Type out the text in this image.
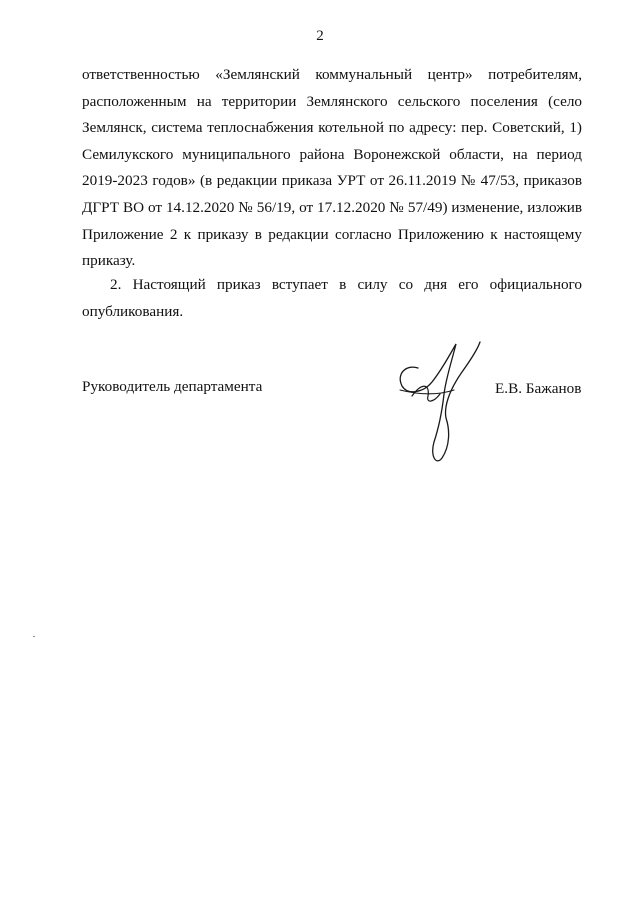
2
ответственностью «Землянский коммунальный центр» потребителям,
расположенным на территории Землянского сельского поселения (село
Землянск, система теплоснабжения котельной по адресу: пер. Советский, 1)
Семилукского муниципального района Воронежской области, на период
2019-2023 годов» (в редакции приказа УРТ от 26.11.2019 № 47/53, приказов
ДГРТ ВО от 14.12.2020 № 56/19, от 17.12.2020 № 57/49) изменение, изложив
Приложение 2 к приказу в редакции согласно Приложению к настоящему
приказу.
2. Настоящий приказ вступает в силу со дня его официального
опубликования.
Руководитель департамента	Е.В. Бажанов
